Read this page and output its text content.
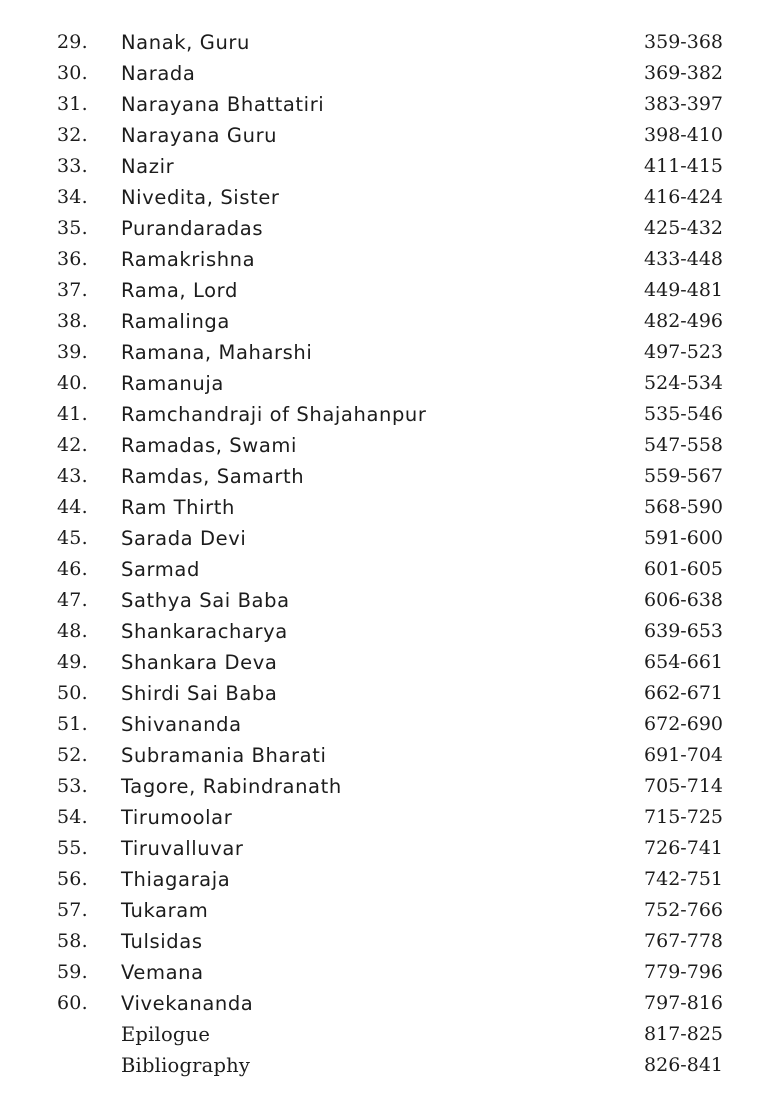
29.	Nanak, Guru	359-368
30.	Narada	369-382
31.	Narayana Bhattatiri	383-397
32.	Narayana Guru	398-410
33.	Nazir	411-415
34.	Nivedita, Sister	416-424
35.	Purandaradas	425-432
36.	Ramakrishna	433-448
37.	Rama, Lord	449-481
38.	Ramalinga	482-496
39.	Ramana, Maharshi	497-523
40.	Ramanuja	524-534
41.	Ramchandraji of Shajahanpur	535-546
42.	Ramadas, Swami	547-558
43.	Ramdas, Samarth	559-567
44.	Ram Thirth	568-590
45.	Sarada Devi	591-600
46.	Sarmad	601-605
47.	Sathya Sai Baba	606-638
48.	Shankaracharya	639-653
49.	Shankara Deva	654-661
50.	Shirdi Sai Baba	662-671
51.	Shivananda	672-690
52.	Subramania Bharati	691-704
53.	Tagore, Rabindranath	705-714
54.	Tirumoolar	715-725
55.	Tiruvalluvar	726-741
56.	Thiagaraja	742-751
57.	Tukaram	752-766
58.	Tulsidas	767-778
59.	Vemana	779-796
60.	Vivekananda	797-816
Epilogue	817-825
Bibliography	826-841
